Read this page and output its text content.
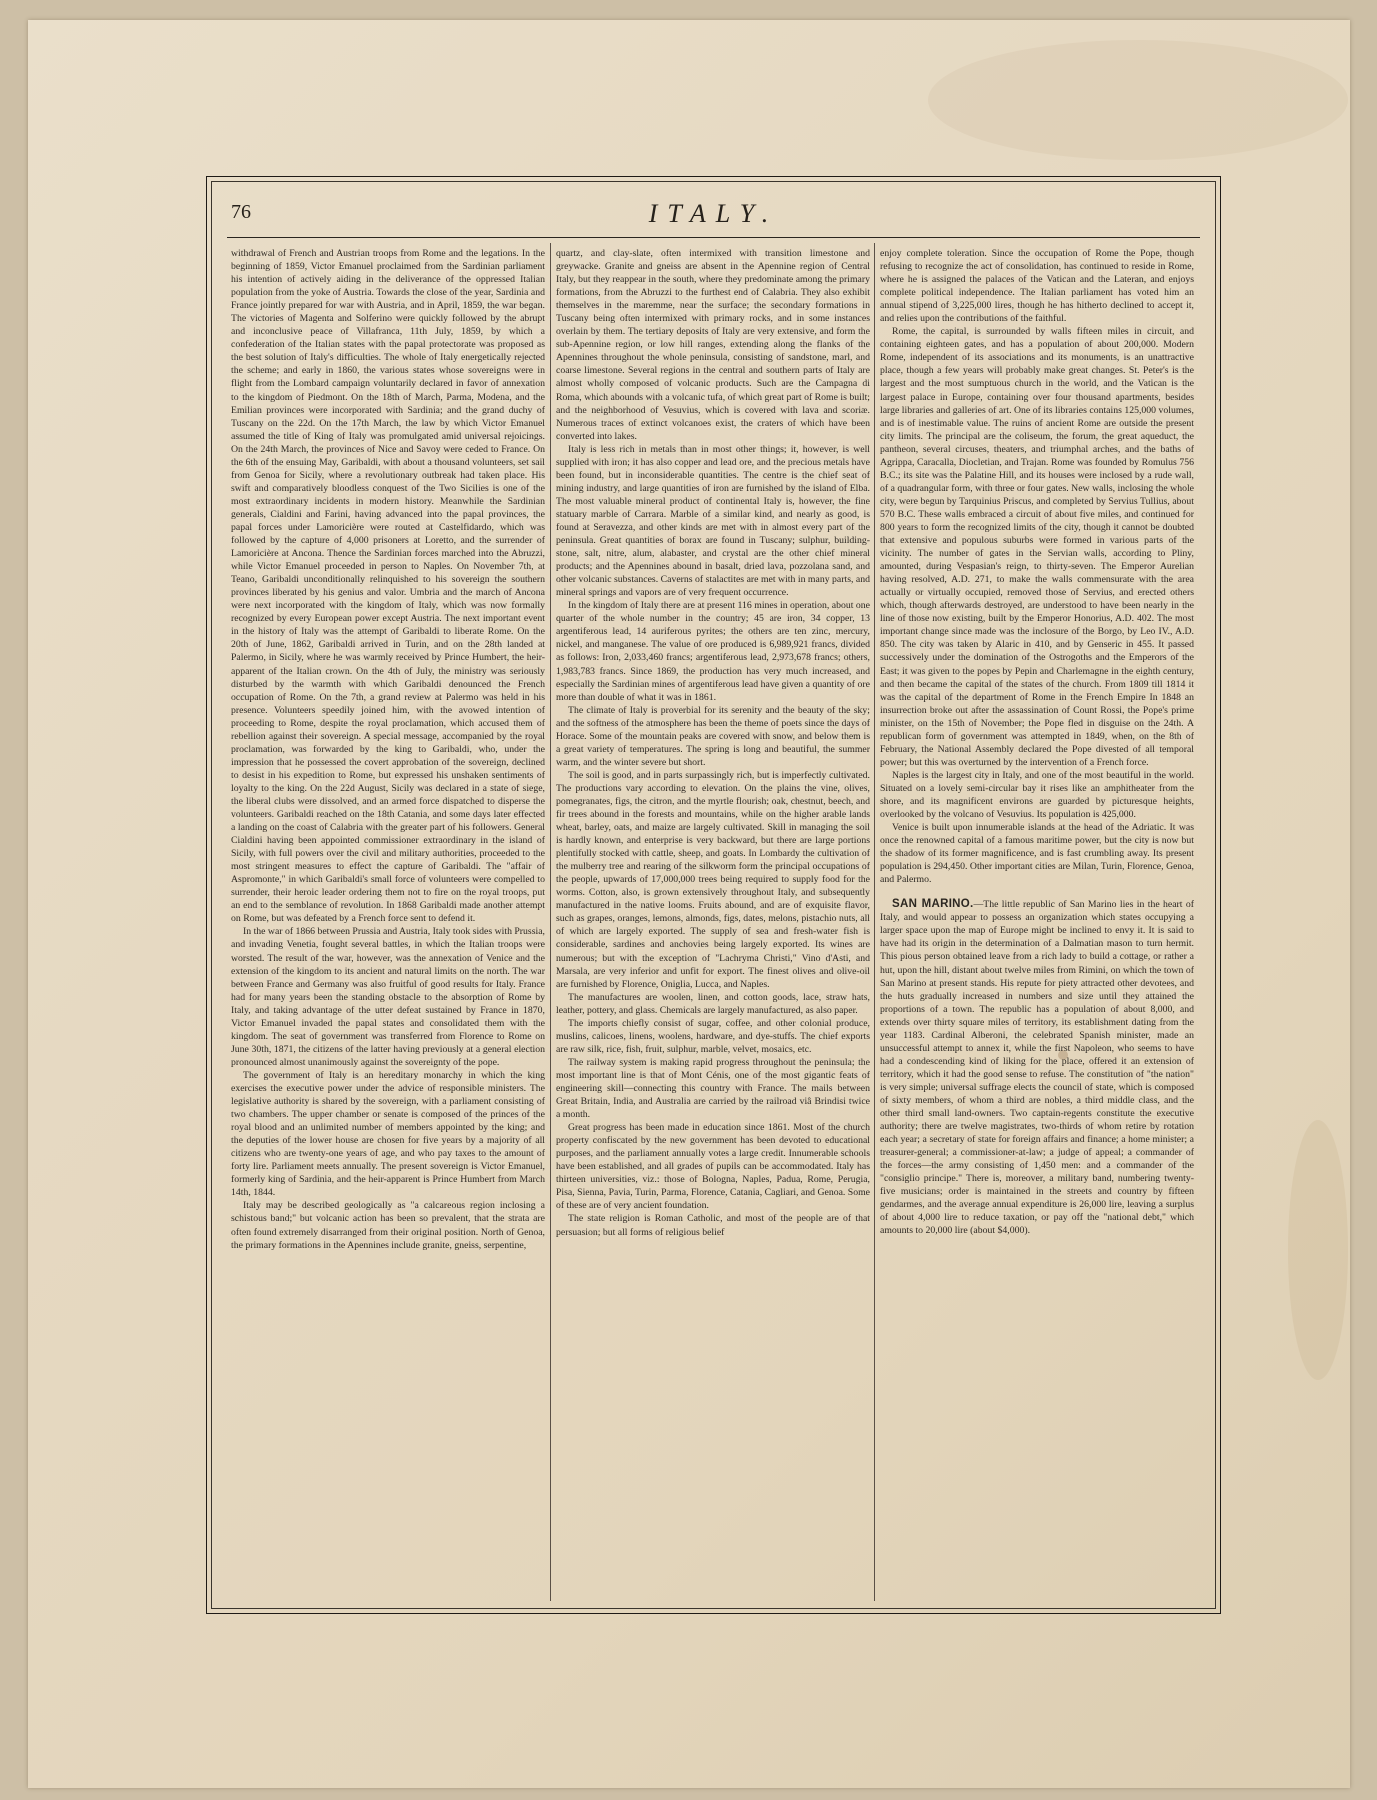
76	ITALY.

withdrawal of French and Austrian troops from Rome and the legations. In the beginning of 1859, Victor Emanuel proclaimed from the Sardinian parliament his intention of actively aiding in the deliverance of the oppressed Italian population from the yoke of Austria. Towards the close of the year, Sardinia and France jointly prepared for war with Austria, and in April, 1859, the war began. The victories of Magenta and Solferino were quickly followed by the abrupt and inconclusive peace of Villafranca, 11th July, 1859, by which a confederation of the Italian states with the papal protectorate was proposed as the best solution of Italy's difficulties. The whole of Italy energetically rejected the scheme; and early in 1860, the various states whose sovereigns were in flight from the Lombard campaign voluntarily declared in favor of annexation to the kingdom of Piedmont. On the 18th of March, Parma, Modena, and the Emilian provinces were incorporated with Sardinia; and the grand duchy of Tuscany on the 22d. On the 17th March, the law by which Victor Emanuel assumed the title of King of Italy was promulgated amid universal rejoicings. On the 24th March, the provinces of Nice and Savoy were ceded to France. On the 6th of the ensuing May, Garibaldi, with about a thousand volunteers, set sail from Genoa for Sicily, where a revolutionary outbreak had taken place. His swift and comparatively bloodless conquest of the Two Sicilies is one of the most extraordinary incidents in modern history. Meanwhile the Sardinian generals, Cialdini and Farini, having advanced into the papal provinces, the papal forces under Lamoricière were routed at Castelfidardo, which was followed by the capture of 4,000 prisoners at Loretto, and the surrender of Lamoricière at Ancona. Thence the Sardinian forces marched into the Abruzzi, while Victor Emanuel proceeded in person to Naples. On November 7th, at Teano, Garibaldi unconditionally relinquished to his sovereign the southern provinces liberated by his genius and valor. Umbria and the march of Ancona were next incorporated with the kingdom of Italy, which was now formally recognized by every European power except Austria. The next important event in the history of Italy was the attempt of Garibaldi to liberate Rome. On the 20th of June, 1862, Garibaldi arrived in Turin, and on the 28th landed at Palermo, in Sicily, where he was warmly received by Prince Humbert, the heir-apparent of the Italian crown. On the 4th of July, the ministry was seriously disturbed by the warmth with which Garibaldi denounced the French occupation of Rome. On the 7th, a grand review at Palermo was held in his presence. Volunteers speedily joined him, with the avowed intention of proceeding to Rome, despite the royal proclamation, which accused them of rebellion against their sovereign. A special message, accompanied by the royal proclamation, was forwarded by the king to Garibaldi, who, under the impression that he possessed the covert approbation of the sovereign, declined to desist in his expedition to Rome, but expressed his unshaken sentiments of loyalty to the king. On the 22d August, Sicily was declared in a state of siege, the liberal clubs were dissolved, and an armed force dispatched to disperse the volunteers. Garibaldi reached on the 18th Catania, and some days later effected a landing on the coast of Calabria with the greater part of his followers. General Cialdini having been appointed commissioner extraordinary in the island of Sicily, with full powers over the civil and military authorities, proceeded to the most stringent measures to effect the capture of Garibaldi. The "affair of Aspromonte," in which Garibaldi's small force of volunteers were compelled to surrender, their heroic leader ordering them not to fire on the royal troops, put an end to the semblance of revolution. In 1868 Garibaldi made another attempt on Rome, but was defeated by a French force sent to defend it.

In the war of 1866 between Prussia and Austria, Italy took sides with Prussia, and invading Venetia, fought several battles, in which the Italian troops were worsted. The result of the war, however, was the annexation of Venice and the extension of the kingdom to its ancient and natural limits on the north. The war between France and Germany was also fruitful of good results for Italy. France had for many years been the standing obstacle to the absorption of Rome by Italy, and taking advantage of the utter defeat sustained by France in 1870, Victor Emanuel invaded the papal states and consolidated them with the kingdom. The seat of government was transferred from Florence to Rome on June 30th, 1871, the citizens of the latter having previously at a general election pronounced almost unanimously against the sovereignty of the pope.

The government of Italy is an hereditary monarchy in which the king exercises the executive power under the advice of responsible ministers. The legislative authority is shared by the sovereign, with a parliament consisting of two chambers. The upper chamber or senate is composed of the princes of the royal blood and an unlimited number of members appointed by the king; and the deputies of the lower house are chosen for five years by a majority of all citizens who are twenty-one years of age, and who pay taxes to the amount of forty lire. Parliament meets annually. The present sovereign is Victor Emanuel, formerly king of Sardinia, and the heir-apparent is Prince Humbert from March 14th, 1844.

Italy may be described geologically as "a calcareous region inclosing a schistous band;" but volcanic action has been so prevalent, that the strata are often found extremely disarranged from their original position. North of Genoa, the primary formations in the Apennines include granite, gneiss, serpentine,

quartz, and clay-slate, often intermixed with transition limestone and greywacke. Granite and gneiss are absent in the Apennine region of Central Italy, but they reappear in the south, where they predominate among the primary formations, from the Abruzzi to the furthest end of Calabria. They also exhibit themselves in the maremme, near the surface; the secondary formations in Tuscany being often intermixed with primary rocks, and in some instances overlain by them. The tertiary deposits of Italy are very extensive, and form the sub-Apennine region, or low hill ranges, extending along the flanks of the Apennines throughout the whole peninsula, consisting of sandstone, marl, and coarse limestone. Several regions in the central and southern parts of Italy are almost wholly composed of volcanic products. Such are the Campagna di Roma, which abounds with a volcanic tufa, of which great part of Rome is built; and the neighborhood of Vesuvius, which is covered with lava and scoriæ. Numerous traces of extinct volcanoes exist, the craters of which have been converted into lakes.

Italy is less rich in metals than in most other things; it, however, is well supplied with iron; it has also copper and lead ore, and the precious metals have been found, but in inconsiderable quantities. The centre is the chief seat of mining industry, and large quantities of iron are furnished by the island of Elba. The most valuable mineral product of continental Italy is, however, the fine statuary marble of Carrara. Marble of a similar kind, and nearly as good, is found at Seravezza, and other kinds are met with in almost every part of the peninsula. Great quantities of borax are found in Tuscany; sulphur, building-stone, salt, nitre, alum, alabaster, and crystal are the other chief mineral products; and the Apennines abound in basalt, dried lava, pozzolana sand, and other volcanic substances. Caverns of stalactites are met with in many parts, and mineral springs and vapors are of very frequent occurrence.

In the kingdom of Italy there are at present 116 mines in operation, about one quarter of the whole number in the country; 45 are iron, 34 copper, 13 argentiferous lead, 14 auriferous pyrites; the others are ten zinc, mercury, nickel, and manganese. The value of ore produced is 6,989,921 francs, divided as follows: Iron, 2,033,460 francs; argentiferous lead, 2,973,678 francs; others, 1,983,783 francs. Since 1869, the production has very much increased, and especially the Sardinian mines of argentiferous lead have given a quantity of ore more than double of what it was in 1861.

The climate of Italy is proverbial for its serenity and the beauty of the sky; and the softness of the atmosphere has been the theme of poets since the days of Horace. Some of the mountain peaks are covered with snow, and below them is a great variety of temperatures. The spring is long and beautiful, the summer warm, and the winter severe but short.

The soil is good, and in parts surpassingly rich, but is imperfectly cultivated. The productions vary according to elevation. On the plains the vine, olives, pomegranates, figs, the citron, and the myrtle flourish; oak, chestnut, beech, and fir trees abound in the forests and mountains, while on the higher arable lands wheat, barley, oats, and maize are largely cultivated. Skill in managing the soil is hardly known, and enterprise is very backward, but there are large portions plentifully stocked with cattle, sheep, and goats. In Lombardy the cultivation of the mulberry tree and rearing of the silkworm form the principal occupations of the people, upwards of 17,000,000 trees being required to supply food for the worms. Cotton, also, is grown extensively throughout Italy, and subsequently manufactured in the native looms. Fruits abound, and are of exquisite flavor, such as grapes, oranges, lemons, almonds, figs, dates, melons, pistachio nuts, all of which are largely exported. The supply of sea and fresh-water fish is considerable, sardines and anchovies being largely exported. Its wines are numerous; but with the exception of "Lachryma Christi," Vino d'Asti, and Marsala, are very inferior and unfit for export. The finest olives and olive-oil are furnished by Florence, Oniglia, Lucca, and Naples.

The manufactures are woolen, linen, and cotton goods, lace, straw hats, leather, pottery, and glass. Chemicals are largely manufactured, as also paper.

The imports chiefly consist of sugar, coffee, and other colonial produce, muslins, calicoes, linens, woolens, hardware, and dye-stuffs. The chief exports are raw silk, rice, fish, fruit, sulphur, marble, velvet, mosaics, etc.

The railway system is making rapid progress throughout the peninsula; the most important line is that of Mont Cénis, one of the most gigantic feats of engineering skill—connecting this country with France. The mails between Great Britain, India, and Australia are carried by the railroad viâ Brindisi twice a month.

Great progress has been made in education since 1861. Most of the church property confiscated by the new government has been devoted to educational purposes, and the parliament annually votes a large credit. Innumerable schools have been established, and all grades of pupils can be accommodated. Italy has thirteen universities, viz.: those of Bologna, Naples, Padua, Rome, Perugia, Pisa, Sienna, Pavia, Turin, Parma, Florence, Catania, Cagliari, and Genoa. Some of these are of very ancient foundation.

The state religion is Roman Catholic, and most of the people are of that persuasion; but all forms of religious belief

enjoy complete toleration. Since the occupation of Rome the Pope, though refusing to recognize the act of consolidation, has continued to reside in Rome, where he is assigned the palaces of the Vatican and the Lateran, and enjoys complete political independence. The Italian parliament has voted him an annual stipend of 3,225,000 lires, though he has hitherto declined to accept it, and relies upon the contributions of the faithful.

Rome, the capital, is surrounded by walls fifteen miles in circuit, and containing eighteen gates, and has a population of about 200,000. Modern Rome, independent of its associations and its monuments, is an unattractive place, though a few years will probably make great changes. St. Peter's is the largest and the most sumptuous church in the world, and the Vatican is the largest palace in Europe, containing over four thousand apartments, besides large libraries and galleries of art. One of its libraries contains 125,000 volumes, and is of inestimable value. The ruins of ancient Rome are outside the present city limits. The principal are the coliseum, the forum, the great aqueduct, the pantheon, several circuses, theaters, and triumphal arches, and the baths of Agrippa, Caracalla, Diocletian, and Trajan. Rome was founded by Romulus 756 B.C.; its site was the Palatine Hill, and its houses were inclosed by a rude wall, of a quadrangular form, with three or four gates. New walls, inclosing the whole city, were begun by Tarquinius Priscus, and completed by Servius Tullius, about 570 B.C. These walls embraced a circuit of about five miles, and continued for 800 years to form the recognized limits of the city, though it cannot be doubted that extensive and populous suburbs were formed in various parts of the vicinity. The number of gates in the Servian walls, according to Pliny, amounted, during Vespasian's reign, to thirty-seven. The Emperor Aurelian having resolved, A.D. 271, to make the walls commensurate with the area actually or virtually occupied, removed those of Servius, and erected others which, though afterwards destroyed, are understood to have been nearly in the line of those now existing, built by the Emperor Honorius, A.D. 402. The most important change since made was the inclosure of the Borgo, by Leo IV., A.D. 850. The city was taken by Alaric in 410, and by Genseric in 455. It passed successively under the domination of the Ostrogoths and the Emperors of the East; it was given to the popes by Pepin and Charlemagne in the eighth century, and then became the capital of the states of the church. From 1809 till 1814 it was the capital of the department of Rome in the French Empire In 1848 an insurrection broke out after the assassination of Count Rossi, the Pope's prime minister, on the 15th of November; the Pope fled in disguise on the 24th. A republican form of government was attempted in 1849, when, on the 8th of February, the National Assembly declared the Pope divested of all temporal power; but this was overturned by the intervention of a French force.

Naples is the largest city in Italy, and one of the most beautiful in the world. Situated on a lovely semi-circular bay it rises like an amphitheater from the shore, and its magnificent environs are guarded by picturesque heights, overlooked by the volcano of Vesuvius. Its population is 425,000.

Venice is built upon innumerable islands at the head of the Adriatic. It was once the renowned capital of a famous maritime power, but the city is now but the shadow of its former magnificence, and is fast crumbling away. Its present population is 294,450. Other important cities are Milan, Turin, Florence, Genoa, and Palermo.

SAN MARINO.—The little republic of San Marino lies in the heart of Italy, and would appear to possess an organization which states occupying a larger space upon the map of Europe might be inclined to envy it. It is said to have had its origin in the determination of a Dalmatian mason to turn hermit. This pious person obtained leave from a rich lady to build a cottage, or rather a hut, upon the hill, distant about twelve miles from Rimini, on which the town of San Marino at present stands. His repute for piety attracted other devotees, and the huts gradually increased in numbers and size until they attained the proportions of a town. The republic has a population of about 8,000, and extends over thirty square miles of territory, its establishment dating from the year 1183. Cardinal Alberoni, the celebrated Spanish minister, made an unsuccessful attempt to annex it, while the first Napoleon, who seems to have had a condescending kind of liking for the place, offered it an extension of territory, which it had the good sense to refuse. The constitution of "the nation" is very simple; universal suffrage elects the council of state, which is composed of sixty members, of whom a third are nobles, a third middle class, and the other third small land-owners. Two captain-regents constitute the executive authority; there are twelve magistrates, two-thirds of whom retire by rotation each year; a secretary of state for foreign affairs and finance; a home minister; a treasurer-general; a commissioner-at-law; a judge of appeal; a commander of the forces—the army consisting of 1,450 men: and a commander of the "consiglio principe." There is, moreover, a military band, numbering twenty-five musicians; order is maintained in the streets and country by fifteen gendarmes, and the average annual expenditure is 26,000 lire, leaving a surplus of about 4,000 lire to reduce taxation, or pay off the "national debt," which amounts to 20,000 lire (about $4,000).
